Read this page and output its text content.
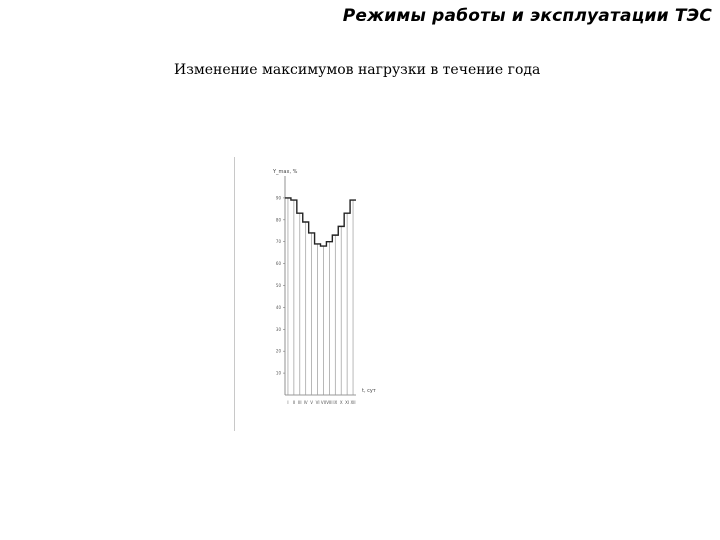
Режимы работы и эксплуатации ТЭС
Изменение максимумов нагрузки в течение года
10
20
30
40
50
60
70
80
90
I II III IV V VI VII VIII IX X XI XII
Y_max, %
t, сут
